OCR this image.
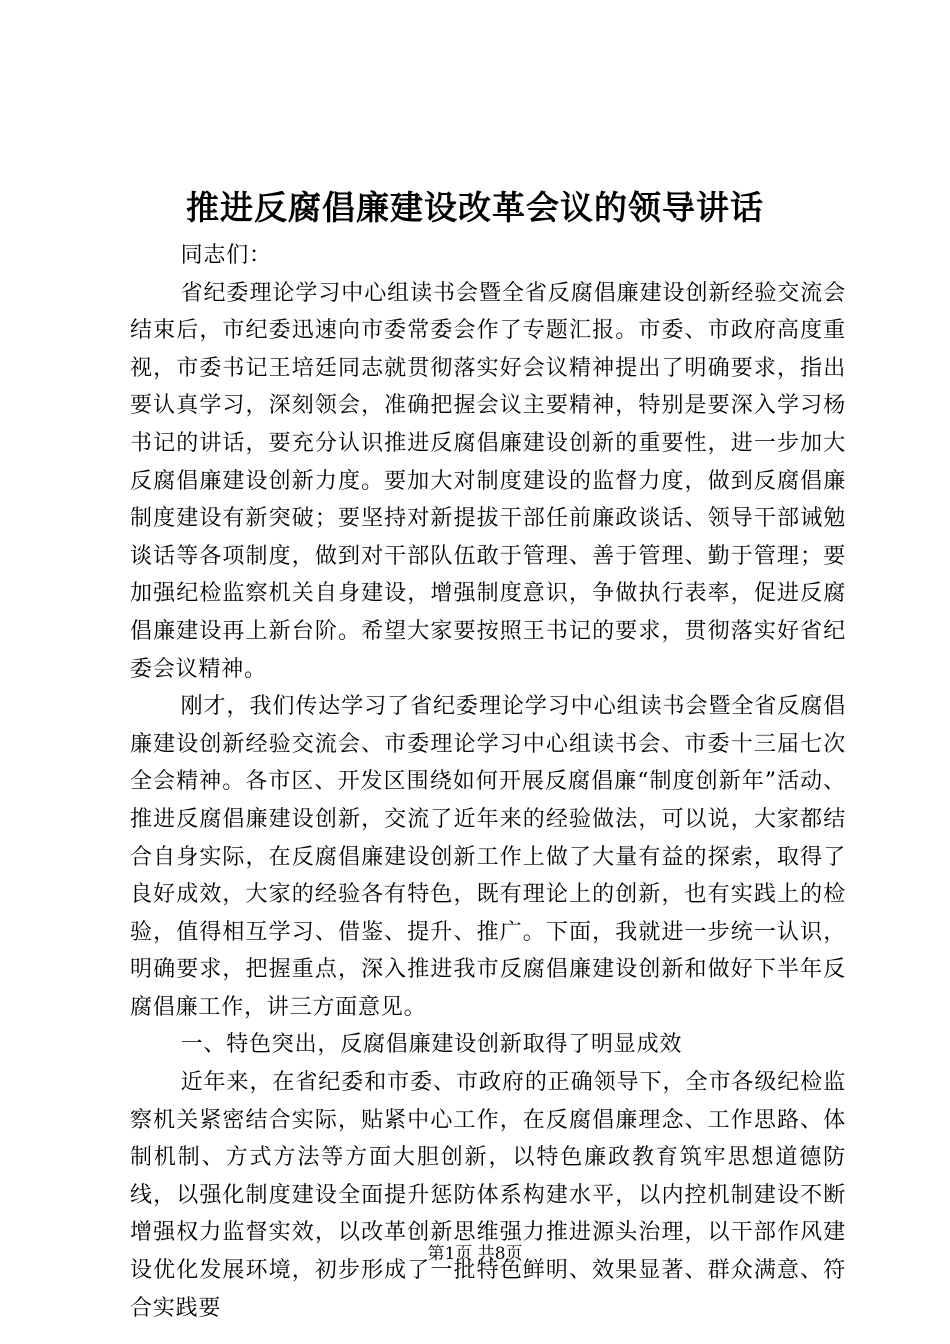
推进反腐倡廉建设改革会议的领导讲话

同志们：

省纪委理论学习中心组读书会暨全省反腐倡廉建设创新经验交流会结束后，市纪委迅速向市委常委会作了专题汇报。市委、市政府高度重视，市委书记王培廷同志就贯彻落实好会议精神提出了明确要求，指出要认真学习，深刻领会，准确把握会议主要精神，特别是要深入学习杨书记的讲话，要充分认识推进反腐倡廉建设创新的重要性，进一步加大反腐倡廉建设创新力度。要加大对制度建设的监督力度，做到反腐倡廉制度建设有新突破；要坚持对新提拔干部任前廉政谈话、领导干部诫勉谈话等各项制度，做到对干部队伍敢于管理、善于管理、勤于管理；要加强纪检监察机关自身建设，增强制度意识，争做执行表率，促进反腐倡廉建设再上新台阶。希望大家要按照王书记的要求，贯彻落实好省纪委会议精神。

刚才，我们传达学习了省纪委理论学习中心组读书会暨全省反腐倡廉建设创新经验交流会、市委理论学习中心组读书会、市委十三届七次全会精神。各市区、开发区围绕如何开展反腐倡廉“制度创新年”活动、推进反腐倡廉建设创新，交流了近年来的经验做法，可以说，大家都结合自身实际，在反腐倡廉建设创新工作上做了大量有益的探索，取得了良好成效，大家的经验各有特色，既有理论上的创新，也有实践上的检验，值得相互学习、借鉴、提升、推广。下面，我就进一步统一认识，明确要求，把握重点，深入推进我市反腐倡廉建设创新和做好下半年反腐倡廉工作，讲三方面意见。

一、特色突出，反腐倡廉建设创新取得了明显成效

近年来，在省纪委和市委、市政府的正确领导下，全市各级纪检监察机关紧密结合实际，贴紧中心工作，在反腐倡廉理念、工作思路、体制机制、方式方法等方面大胆创新，以特色廉政教育筑牢思想道德防线，以强化制度建设全面提升惩防体系构建水平，以内控机制建设不断增强权力监督实效，以改革创新思维强力推进源头治理，以干部作风建设优化发展环境，初步形成了一批特色鲜明、效果显著、群众满意、符合实践要

第1页 共8页
